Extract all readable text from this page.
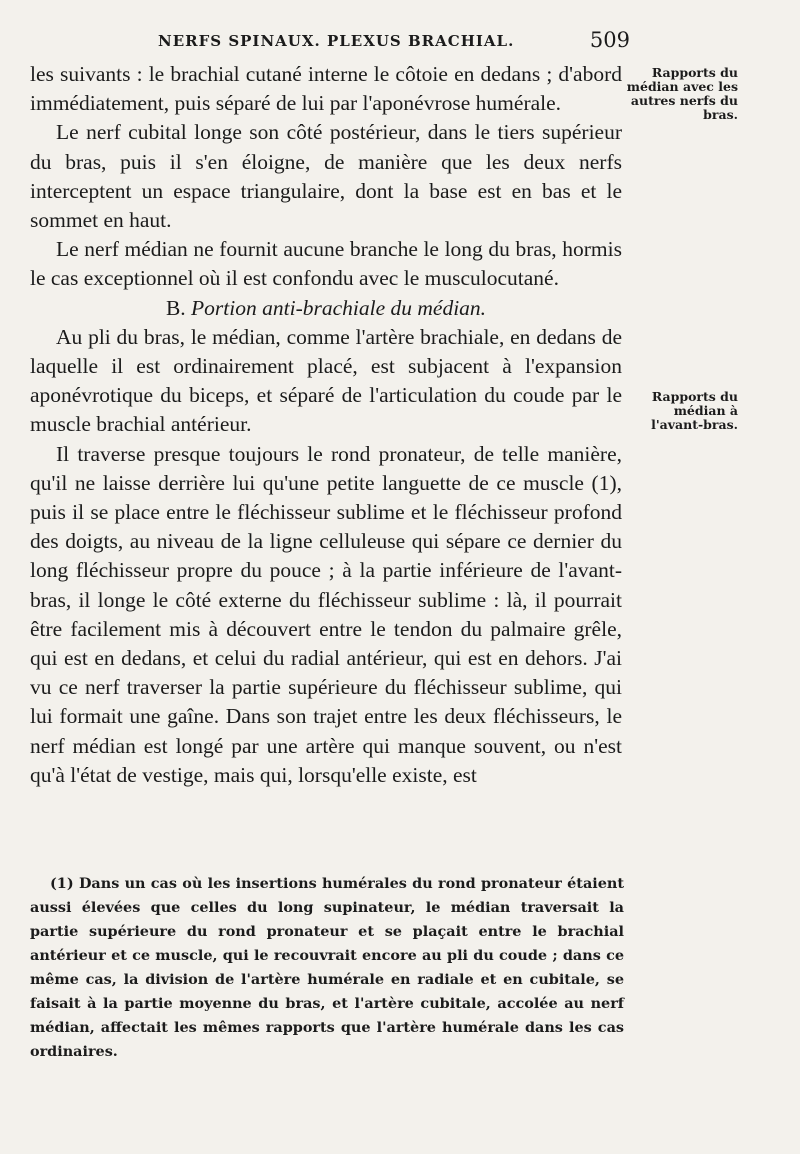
NERFS SPINAUX. PLEXUS BRACHIAL.	509
Rapports du médian avec les autres nerfs du bras.
Rapports du médian à l'avant-bras.

les suivants : le brachial cutané interne le côtoie en dedans ; d'abord immédiatement, puis séparé de lui par l'aponévrose humérale.

Le nerf cubital longe son côté postérieur, dans le tiers supérieur du bras, puis il s'en éloigne, de manière que les deux nerfs interceptent un espace triangulaire, dont la base est en bas et le sommet en haut.

Le nerf médian ne fournit aucune branche le long du bras, hormis le cas exceptionnel où il est confondu avec le musculocutané.

B. Portion anti-brachiale du médian.

Au pli du bras, le médian, comme l'artère brachiale, en dedans de laquelle il est ordinairement placé, est subjacent à l'expansion aponévrotique du biceps, et séparé de l'articulation du coude par le muscle brachial antérieur.

Il traverse presque toujours le rond pronateur, de telle manière, qu'il ne laisse derrière lui qu'une petite languette de ce muscle (1), puis il se place entre le fléchisseur sublime et le fléchisseur profond des doigts, au niveau de la ligne celluleuse qui sépare ce dernier du long fléchisseur propre du pouce ; à la partie inférieure de l'avant-bras, il longe le côté externe du fléchisseur sublime : là, il pourrait être facilement mis à découvert entre le tendon du palmaire grêle, qui est en dedans, et celui du radial antérieur, qui est en dehors. J'ai vu ce nerf traverser la partie supérieure du fléchisseur sublime, qui lui formait une gaîne. Dans son trajet entre les deux fléchisseurs, le nerf médian est longé par une artère qui manque souvent, ou n'est qu'à l'état de vestige, mais qui, lorsqu'elle existe, est

(1) Dans un cas où les insertions humérales du rond pronateur étaient aussi élevées que celles du long supinateur, le médian traversait la partie supérieure du rond pronateur et se plaçait entre le brachial antérieur et ce muscle, qui le recouvrait encore au pli du coude ; dans ce même cas, la division de l'artère humérale en radiale et en cubitale, se faisait à la partie moyenne du bras, et l'artère cubitale, accolée au nerf médian, affectait les mêmes rapports que l'artère humérale dans les cas ordinaires.
